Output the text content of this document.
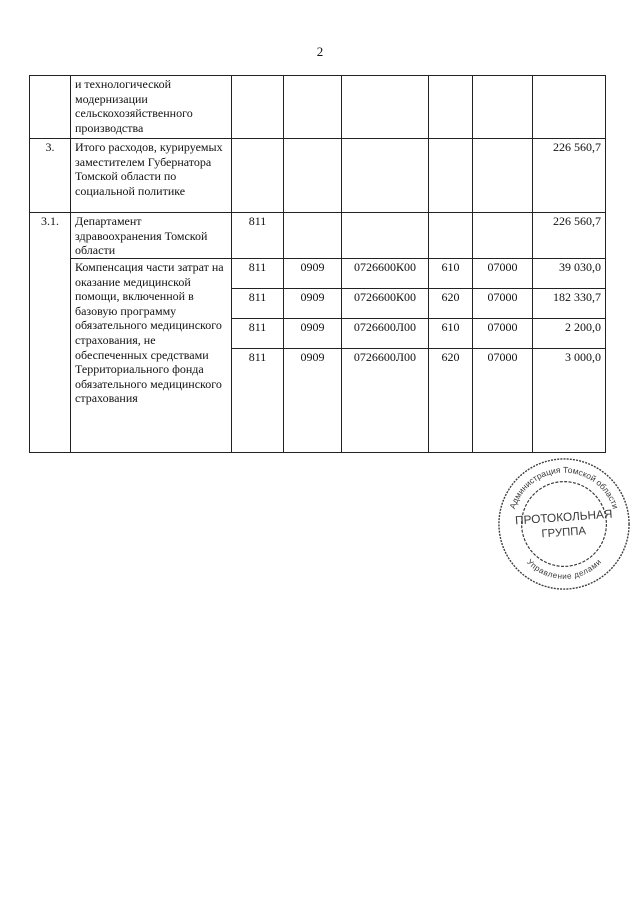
2
	и технологической модернизации сельскохозяйственного производства						
3.	Итого расходов, курируемых заместителем Губернатора Томской области по социальной политике						226 560,7
3.1.	Департамент здравоохранения Томской области	811					226 560,7
	Компенсация части затрат на оказание медицинской помощи, включенной в базовую программу обязательного медицинского страхования, не обеспеченных средствами Территориального фонда обязательного медицинского страхования	811	0909	0726600К00	610	07000	39 030,0
		811	0909	0726600К00	620	07000	182 330,7
		811	0909	0726600Л00	610	07000	2 200,0
		811	0909	0726600Л00	620	07000	3 000,0
Администрация Томской области
Управление делами
ПРОТОКОЛЬНАЯ
ГРУППА
